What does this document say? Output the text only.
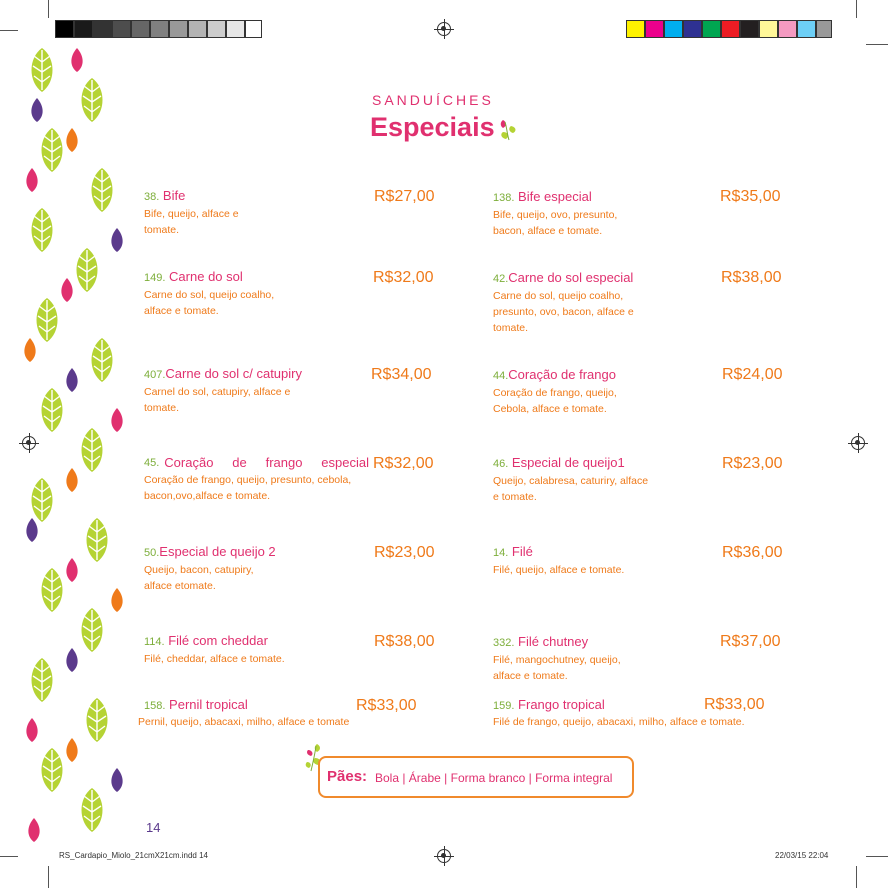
SANDUÍCHES
Especiais
38. Bife
Bife, queijo, alface e
tomate.
R$27,00
149. Carne do sol
Carne do sol, queijo coalho,
alface e tomate.
R$32,00
407.Carne do sol c/ catupiry
Carnel do sol, catupiry, alface e
tomate.
R$34,00
45. Coração de frango especial
Coração de frango, queijo, presunto, cebola,
bacon,ovo,alface e tomate.
R$32,00
50.Especial de queijo 2
Queijo, bacon, catupiry,
alface etomate.
R$23,00
114. Filé com cheddar
Filé, cheddar, alface e tomate.
R$38,00
158. Pernil tropical
Pernil, queijo, abacaxi, milho, alface e tomate
R$33,00
138. Bife especial
Bife, queijo, ovo, presunto,
bacon, alface e tomate.
R$35,00
42.Carne do sol especial
Carne do sol, queijo coalho,
presunto, ovo, bacon, alface e
tomate.
R$38,00
44.Coração de frango
Coração de frango, queijo,
Cebola, alface e tomate.
R$24,00
46. Especial de queijo1
Queijo, calabresa, caturiry, alface
e tomate.
R$23,00
14. Filé
Filé, queijo, alface e tomate.
R$36,00
332. Filé chutney
Filé, mangochutney, queijo,
alface e tomate.
R$37,00
159. Frango tropical
Filé de frango, queijo, abacaxi, milho, alface e tomate.
R$33,00
Pães: Bola | Árabe | Forma branco | Forma integral
14
RS_Cardapio_Miolo_21cmX21cm.indd 14	22/03/15 22:04
